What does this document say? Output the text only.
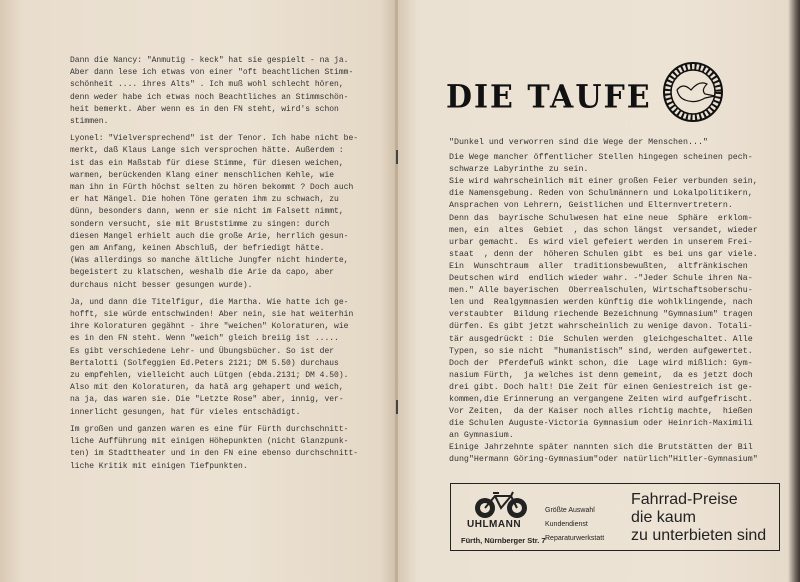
Dann die Nancy: "Anmutig - keck" hat sie gespielt - na ja.
Aber dann lese ich etwas von einer "oft beachtlichen Stimm-
schönheit .... ihres Alts" . Ich muß wohl schlecht hören,
denn weder habe ich etwas noch Beachtliches an Stimmschön-
heit bemerkt. Aber wenn es in den FN steht, wird's schon
stimmen.
Lyonel: "Vielversprechend" ist der Tenor. Ich habe nicht be-
merkt, daß Klaus Lange sich versprochen hätte. Außerdem :
ist das ein Maßstab für diese Stimme, für diesen weichen,
warmen, berückenden Klang einer menschlichen Kehle, wie
man ihn in Fürth höchst selten zu hören bekommt ? Doch auch
er hat Mängel. Die hohen Töne geraten ihm zu schwach, zu
dünn, besonders dann, wenn er sie nicht im Falsett nimmt,
sondern versucht, sie mit Bruststimme zu singen: durch
diesen Mangel erhielt auch die große Arie, herrlich gesun-
gen am Anfang, keinen Abschluß, der befriedigt hätte.
(Was allerdings so manche ältliche Jungfer nicht hinderte,
begeistert zu klatschen, weshalb die Arie da capo, aber
durchaus nicht besser gesungen wurde).
Ja, und dann die Titelfigur, die Martha. Wie hatte ich ge-
hofft, sie würde entschwinden! Aber nein, sie hat weiterhin
ihre Koloraturen gegähnt - ihre "weichen" Koloraturen, wie
es in den FN steht. Wenn "weich" gleich breiig ist .....
Es gibt verschiedene Lehr- und Übungsbücher. So ist der
Bertalotti (Solfeggien Ed.Peters 2121; DM 5.50) durchaus
zu empfehlen, vielleicht auch Lütgen (ebda.2131; DM 4.50).
Also mit den Koloraturen, da hatâ arg gehapert und weich,
na ja, das waren sie. Die "Letzte Rose" aber, innig, ver-
innerlicht gesungen, hat für vieles entschädigt.
Im großen und ganzen waren es eine für Fürth durchschnitt-
liche Aufführung mit einigen Höhepunkten (nicht Glanzpunk-
ten) im Stadttheater und in den FN eine ebenso durchschnitt-
liche Kritik mit einigen Tiefpunkten.
DIE TAUFE
"Dunkel und verworren sind die Wege der Menschen..."
Die Wege mancher öffentlicher Stellen hingegen scheinen pech-
schwarze Labyrinthe zu sein.
Sie wird wahrscheinlich mit einer großen Feier verbunden sein,
die Namensgebung. Reden von Schulmännern und Lokalpolitikern,
Ansprachen von Lehrern, Geistlichen und Elternvertretern.
Denn das  bayrische Schulwesen hat eine neue  Sphäre  erklom-
men, ein  altes  Gebiet  , das schon längst  versandet, wieder
urbar gemacht.  Es wird viel gefeiert werden in unserem Frei-
staat  , denn der  höheren Schulen gibt  es bei uns gar viele.
Ein  Wunschtraum  aller  traditionsbewußten,  altfränkischen
Deutschen wird  endlich wieder wahr. -"Jeder Schule ihren Na-
men." Alle bayerischen  Oberrealschulen, Wirtschaftsoberschu-
len und  Realgymnasien werden künftig die wohlklingende, nach
verstaubter  Bildung riechende Bezeichnung "Gymnasium" tragen
dürfen. Es gibt jetzt wahrscheinlich zu wenige davon. Totali-
tär ausgedrückt : Die  Schulen werden  gleichgeschaltet. Alle
Typen, so sie nicht  "humanistisch" sind, werden aufgewertet.
Doch der  Pferdefuß winkt schon, die  Lage wird mißlich: Gym-
nasium Fürth,  ja welches ist denn gemeint,  da es jetzt doch
drei gibt. Doch halt! Die Zeit für einen Geniestreich ist ge-
kommen,die Erinnerung an vergangene Zeiten wird aufgefrischt.
Vor Zeiten,  da der Kaiser noch alles richtig machte,  hießen
die Schulen Auguste-Victoria Gymnasium oder Heinrich-Maximili
an Gymnasium.
Einige Jahrzehnte später nannten sich die Brutstätten der Bil
dung"Hermann Göring-Gymnasium"oder natürlich"Hitler-Gymnasium"
UHLMANN
Fürth, Nürnberger Str. 7
Größte Auswahl
Kundendienst
Reparaturwerkstatt
Fahrrad-Preise
die kaum
zu unterbieten sind
